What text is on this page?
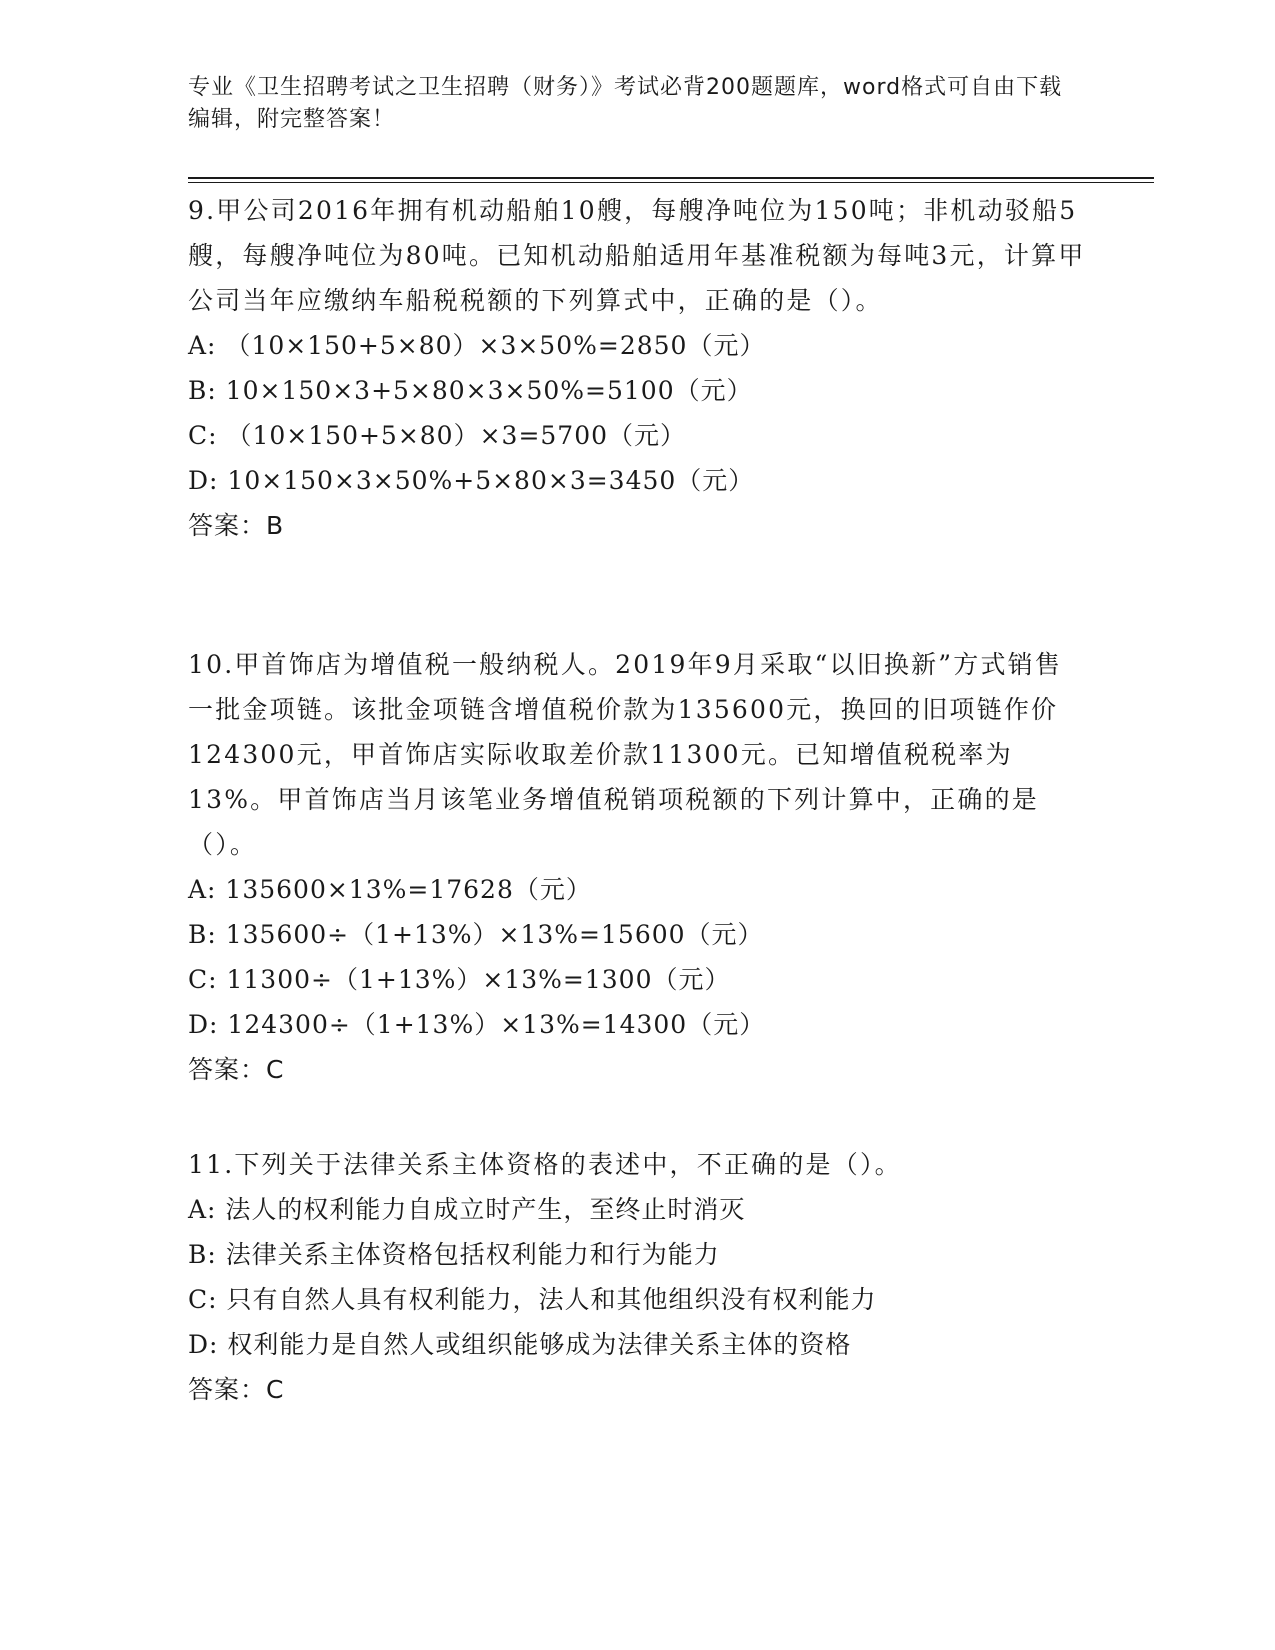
专业《卫生招聘考试之卫生招聘（财务）》考试必背200题题库，word格式可自由下载编辑，附完整答案！

9.甲公司2016年拥有机动船舶10艘，每艘净吨位为150吨；非机动驳船5艘，每艘净吨位为80吨。已知机动船舶适用年基准税额为每吨3元，计算甲公司当年应缴纳车船税税额的下列算式中，正确的是（）。

A: （10×150+5×80）×3×50%=2850（元）

B: 10×150×3+5×80×3×50%=5100（元）

C: （10×150+5×80）×3=5700（元）

D: 10×150×3×50%+5×80×3=3450（元）

答案：B

10.甲首饰店为增值税一般纳税人。2019年9月采取“以旧换新”方式销售一批金项链。该批金项链含增值税价款为135600元，换回的旧项链作价124300元，甲首饰店实际收取差价款11300元。已知增值税税率为13%。甲首饰店当月该笔业务增值税销项税额的下列计算中，正确的是（）。

A: 135600×13%=17628（元）

B: 135600÷（1+13%）×13%=15600（元）

C: 11300÷（1+13%）×13%=1300（元）

D: 124300÷（1+13%）×13%=14300（元）

答案：C

11.下列关于法律关系主体资格的表述中，不正确的是（）。

A: 法人的权利能力自成立时产生，至终止时消灭

B: 法律关系主体资格包括权利能力和行为能力

C: 只有自然人具有权利能力，法人和其他组织没有权利能力

D: 权利能力是自然人或组织能够成为法律关系主体的资格

答案：C
